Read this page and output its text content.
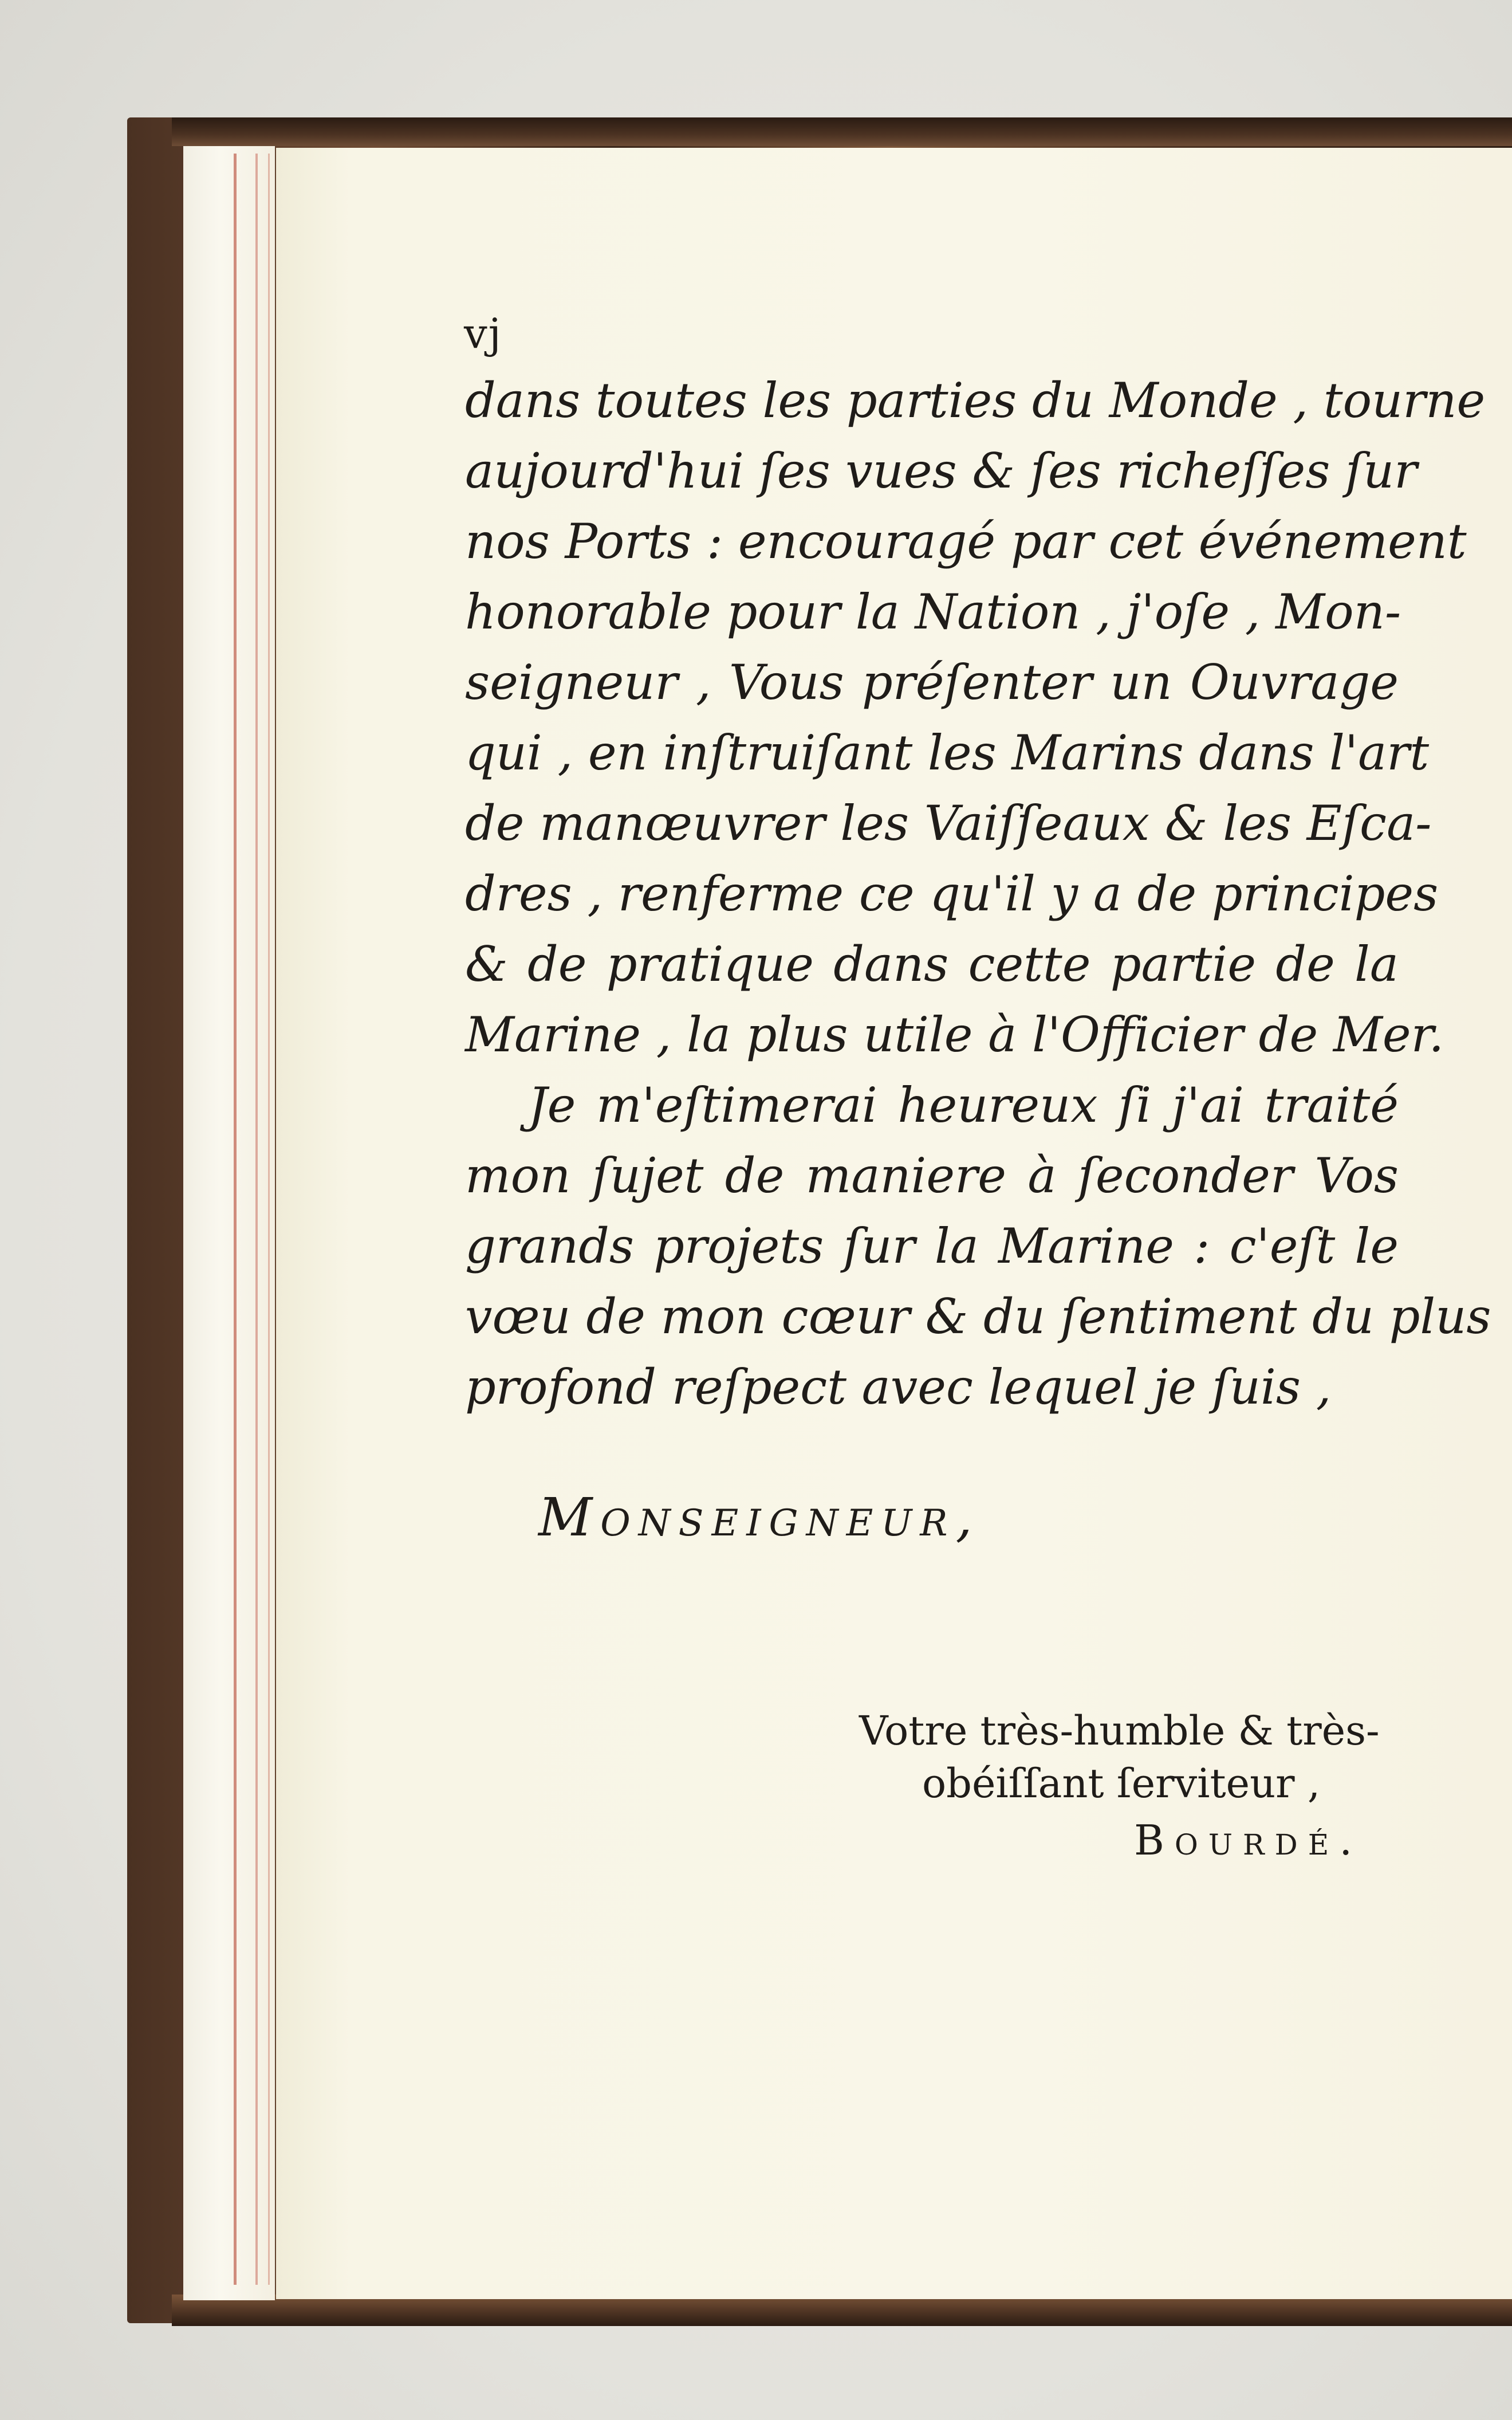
vj
dans toutes les parties du Monde , tourne
aujourd'hui ſes vues & ſes richeſſes ſur
nos Ports : encouragé par cet événement
honorable pour la Nation , j'oſe , Mon-
seigneur , Vous préſenter un Ouvrage
qui , en inſtruiſant les Marins dans l'art
de manœuvrer les Vaiſſeaux & les Eſca-
dres , renferme ce qu'il y a de principes
& de pratique dans cette partie de la
Marine , la plus utile à l'Officier de Mer.
Je m'eſtimerai heureux ſi j'ai traité
mon ſujet de maniere à ſeconder Vos
grands projets ſur la Marine : c'eſt le
vœu de mon cœur & du ſentiment du plus
profond reſpect avec lequel je ſuis ,
Monseigneur,
Votre très-humble & très-
obéiſſant ſerviteur ,
Bourdé.
